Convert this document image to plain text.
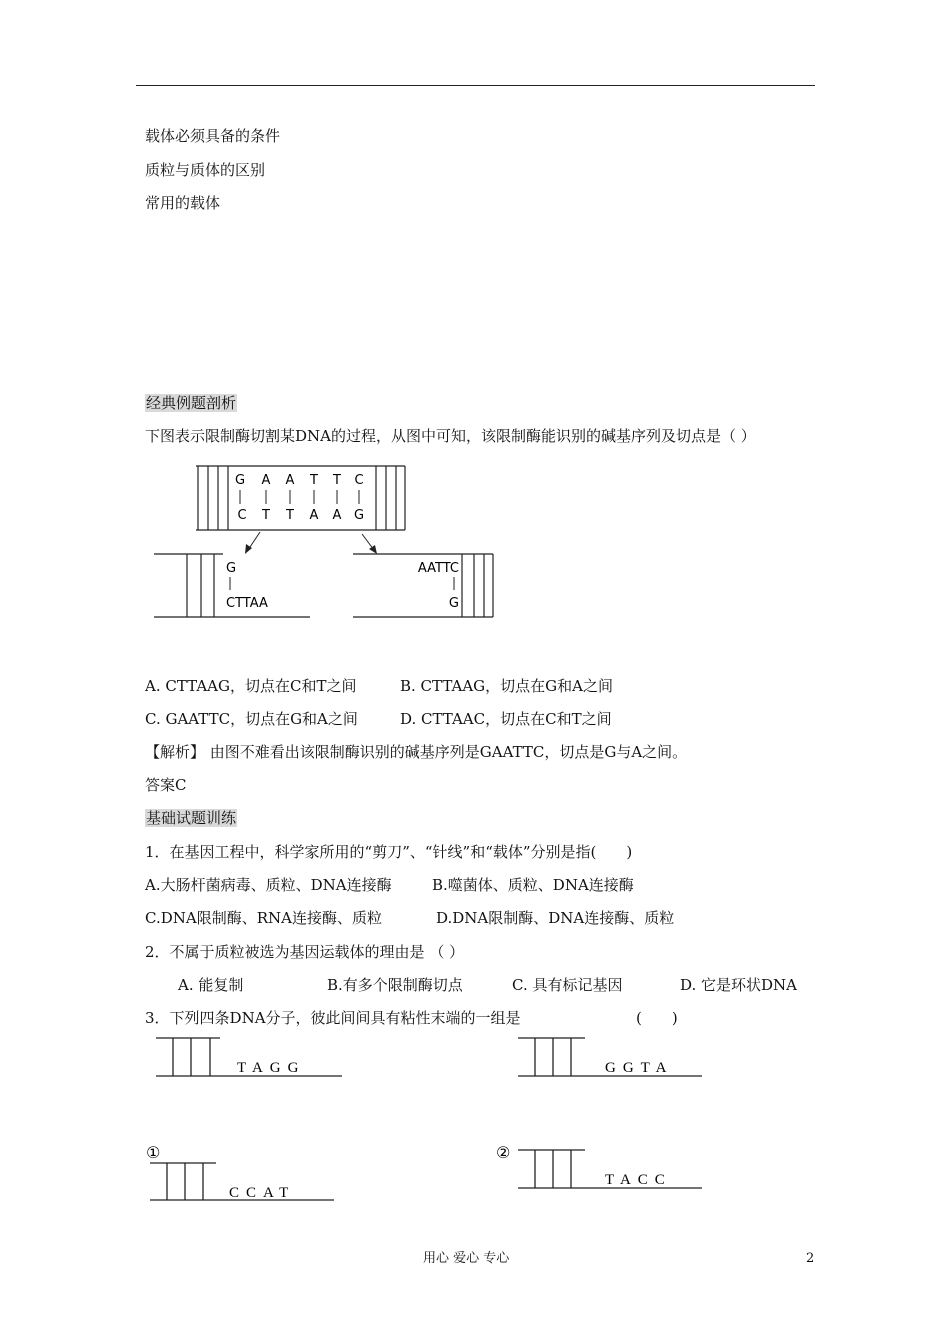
载体必须具备的条件
质粒与质体的区别
常用的载体
经典例题剖析
下图表示限制酶切割某DNA的过程，从图中可知，该限制酶能识别的碱基序列及切点是（ ）
G A A T T C
C T T A A G
G
CTTAA
AATTC
G
A. CTTAAG，切点在C和T之间	B. CTTAAG，切点在G和A之间
C. GAATTC，切点在G和A之间	D. CTTAAC，切点在C和T之间
【解析】 由图不难看出该限制酶识别的碱基序列是GAATTC，切点是G与A之间。
答案C
基础试题训练
1．在基因工程中，科学家所用的“剪刀”、“针线”和“载体”分别是指(　　)
A.大肠杆菌病毒、质粒、DNA连接酶	B.噬菌体、质粒、DNA连接酶
C.DNA限制酶、RNA连接酶、质粒	D.DNA限制酶、DNA连接酶、质粒
2．不属于质粒被选为基因运载体的理由是 （ ）
A. 能复制	B.有多个限制酶切点	C. 具有标记基因	D. 它是环状DNA
3．下列四条DNA分子，彼此间间具有粘性末端的一组是	(　　)
TAGG	GGTA
①
CCAT
②
TACC
用心 爱心 专心	2
